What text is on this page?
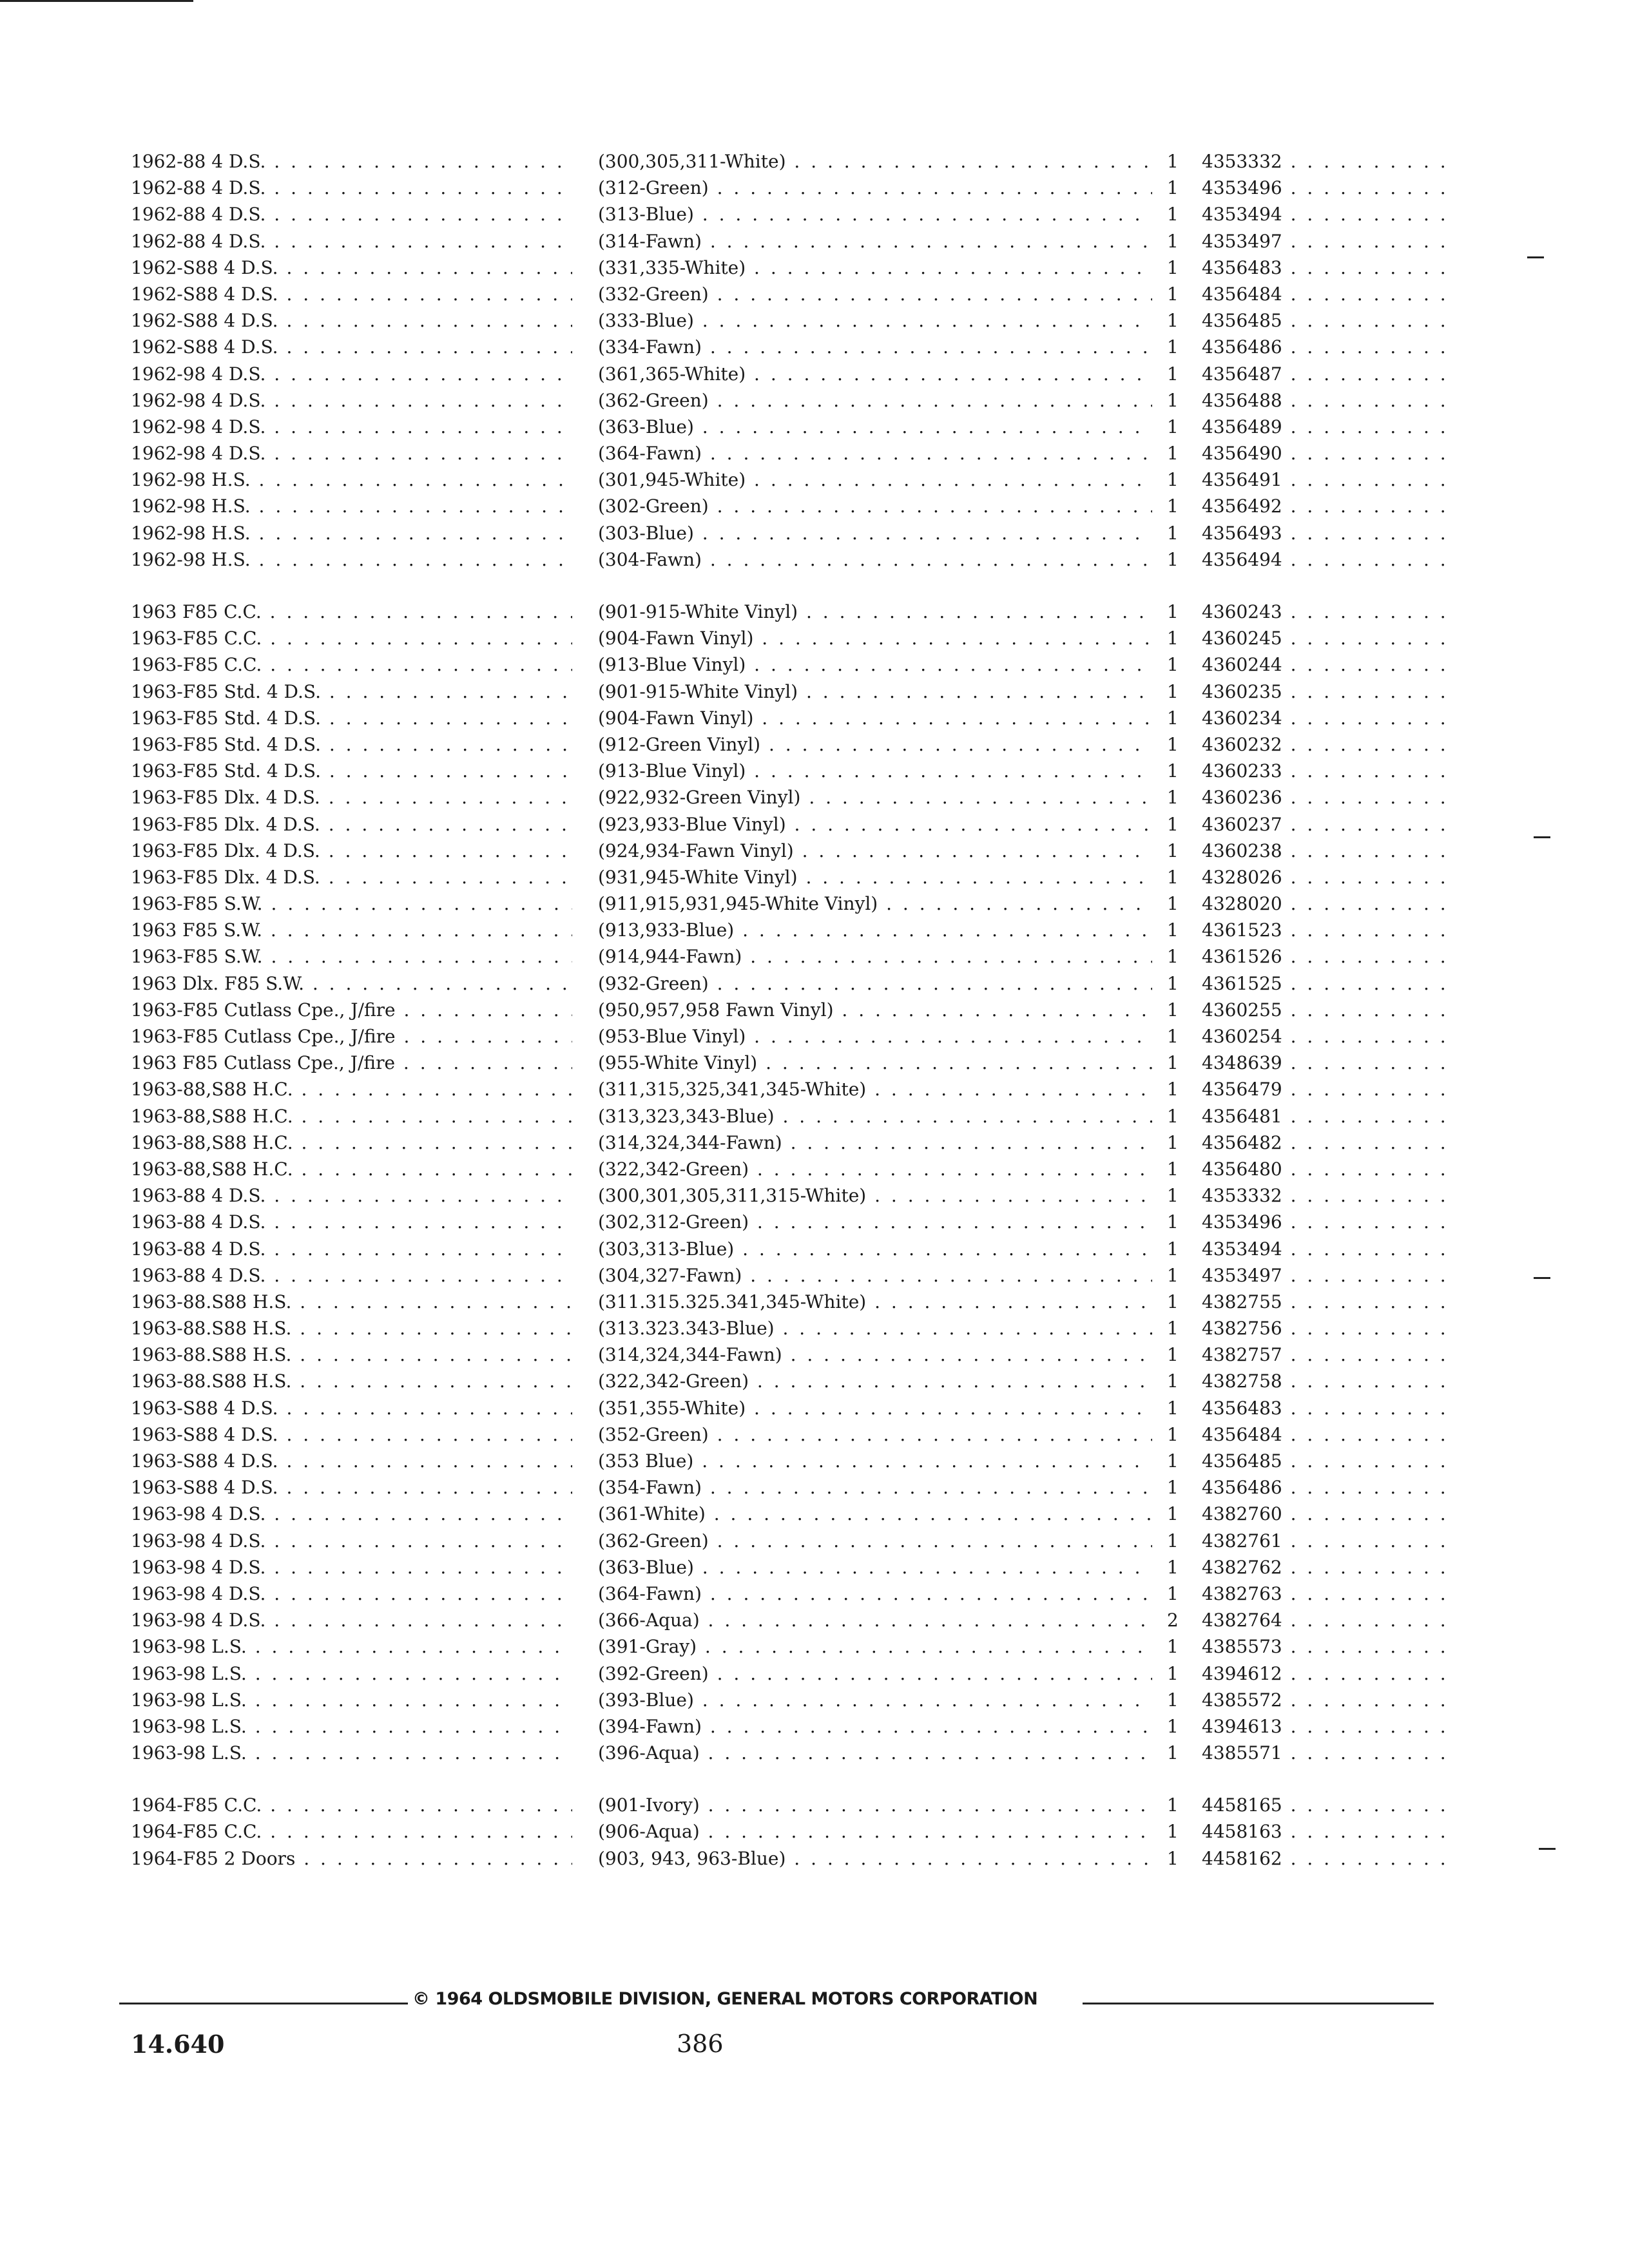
1962-88 4 D.S. . . .	(300,305,311-White) . . .	1	4353332 . . .
1962-88 4 D.S. . . .	(312-Green) . . .	1	4353496 . . .
1962-88 4 D.S. . . .	(313-Blue) . . .	1	4353494 . . .
1962-88 4 D.S. . . .	(314-Fawn) . . .	1	4353497 . . .
1962-S88 4 D.S. . . .	(331,335-White) . . .	1	4356483 . . .
1962-S88 4 D.S. . . .	(332-Green) . . .	1	4356484 . . .
1962-S88 4 D.S. . . .	(333-Blue) . . .	1	4356485 . . .
1962-S88 4 D.S. . . .	(334-Fawn) . . .	1	4356486 . . .
1962-98 4 D.S. . . .	(361,365-White) . . .	1	4356487 . . .
1962-98 4 D.S. . . .	(362-Green) . . .	1	4356488 . . .
1962-98 4 D.S. . . .	(363-Blue) . . .	1	4356489 . . .
1962-98 4 D.S. . . .	(364-Fawn) . . .	1	4356490 . . .
1962-98 H.S. . . .	(301,945-White) . . .	1	4356491 . . .
1962-98 H.S. . . .	(302-Green) . . .	1	4356492 . . .
1962-98 H.S. . . .	(303-Blue) . . .	1	4356493 . . .
1962-98 H.S. . . .	(304-Fawn) . . .	1	4356494 . . .
1963 F85 C.C. . . .	(901-915-White Vinyl) . . .	1	4360243 . . .
1963-F85 C.C. . . .	(904-Fawn Vinyl) . . .	1	4360245 . . .
1963-F85 C.C. . . .	(913-Blue Vinyl) . . .	1	4360244 . . .
1963-F85 Std. 4 D.S. . . .	(901-915-White Vinyl) . . .	1	4360235 . . .
1963-F85 Std. 4 D.S. . . .	(904-Fawn Vinyl) . . .	1	4360234 . . .
1963-F85 Std. 4 D.S. . . .	(912-Green Vinyl) . . .	1	4360232 . . .
1963-F85 Std. 4 D.S. . . .	(913-Blue Vinyl) . . .	1	4360233 . . .
1963-F85 Dlx. 4 D.S. . . .	(922,932-Green Vinyl) . . .	1	4360236 . . .
1963-F85 Dlx. 4 D.S. . . .	(923,933-Blue Vinyl) . . .	1	4360237 . . .
1963-F85 Dlx. 4 D.S. . . .	(924,934-Fawn Vinyl) . . .	1	4360238 . . .
1963-F85 Dlx. 4 D.S. . . .	(931,945-White Vinyl) . . .	1	4328026 . . .
1963-F85 S.W. . . .	(911,915,931,945-White Vinyl) . . .	1	4328020 . . .
1963 F85 S.W. . . .	(913,933-Blue) . . .	1	4361523 . . .
1963-F85 S.W. . . .	(914,944-Fawn) . . .	1	4361526 . . .
1963 Dlx. F85 S.W. . . .	(932-Green) . . .	1	4361525 . . .
1963-F85 Cutlass Cpe., J/fire . . .	(950,957,958 Fawn Vinyl) . . .	1	4360255 . . .
1963-F85 Cutlass Cpe., J/fire . . .	(953-Blue Vinyl) . . .	1	4360254 . . .
1963 F85 Cutlass Cpe., J/fire . . .	(955-White Vinyl) . . .	1	4348639 . . .
1963-88,S88 H.C. . . .	(311,315,325,341,345-White) . . .	1	4356479 . . .
1963-88,S88 H.C. . . .	(313,323,343-Blue) . . .	1	4356481 . . .
1963-88,S88 H.C. . . .	(314,324,344-Fawn) . . .	1	4356482 . . .
1963-88,S88 H.C. . . .	(322,342-Green) . . .	1	4356480 . . .
1963-88 4 D.S. . . .	(300,301,305,311,315-White) . . .	1	4353332 . . .
1963-88 4 D.S. . . .	(302,312-Green) . . .	1	4353496 . . .
1963-88 4 D.S. . . .	(303,313-Blue) . . .	1	4353494 . . .
1963-88 4 D.S. . . .	(304,327-Fawn) . . .	1	4353497 . . .
1963-88.S88 H.S. . . .	(311.315.325.341,345-White) . . .	1	4382755 . . .
1963-88.S88 H.S. . . .	(313.323.343-Blue) . . .	1	4382756 . . .
1963-88.S88 H.S. . . .	(314,324,344-Fawn) . . .	1	4382757 . . .
1963-88.S88 H.S. . . .	(322,342-Green) . . .	1	4382758 . . .
1963-S88 4 D.S. . . .	(351,355-White) . . .	1	4356483 . . .
1963-S88 4 D.S. . . .	(352-Green) . . .	1	4356484 . . .
1963-S88 4 D.S. . . .	(353 Blue) . . .	1	4356485 . . .
1963-S88 4 D.S. . . .	(354-Fawn) . . .	1	4356486 . . .
1963-98 4 D.S. . . .	(361-White) . . .	1	4382760 . . .
1963-98 4 D.S. . . .	(362-Green) . . .	1	4382761 . . .
1963-98 4 D.S. . . .	(363-Blue) . . .	1	4382762 . . .
1963-98 4 D.S. . . .	(364-Fawn) . . .	1	4382763 . . .
1963-98 4 D.S. . . .	(366-Aqua) . . .	2	4382764 . . .
1963-98 L.S. . . .	(391-Gray) . . .	1	4385573 . . .
1963-98 L.S. . . .	(392-Green) . . .	1	4394612 . . .
1963-98 L.S. . . .	(393-Blue) . . .	1	4385572 . . .
1963-98 L.S. . . .	(394-Fawn) . . .	1	4394613 . . .
1963-98 L.S. . . .	(396-Aqua) . . .	1	4385571 . . .
1964-F85 C.C. . . .	(901-Ivory) . . .	1	4458165 . . .
1964-F85 C.C. . . .	(906-Aqua) . . .	1	4458163 . . .
1964-F85 2 Doors . . .	(903, 943, 963-Blue) . . .	1	4458162 . . .
© 1964 OLDSMOBILE DIVISION, GENERAL MOTORS CORPORATION
14.640	386
